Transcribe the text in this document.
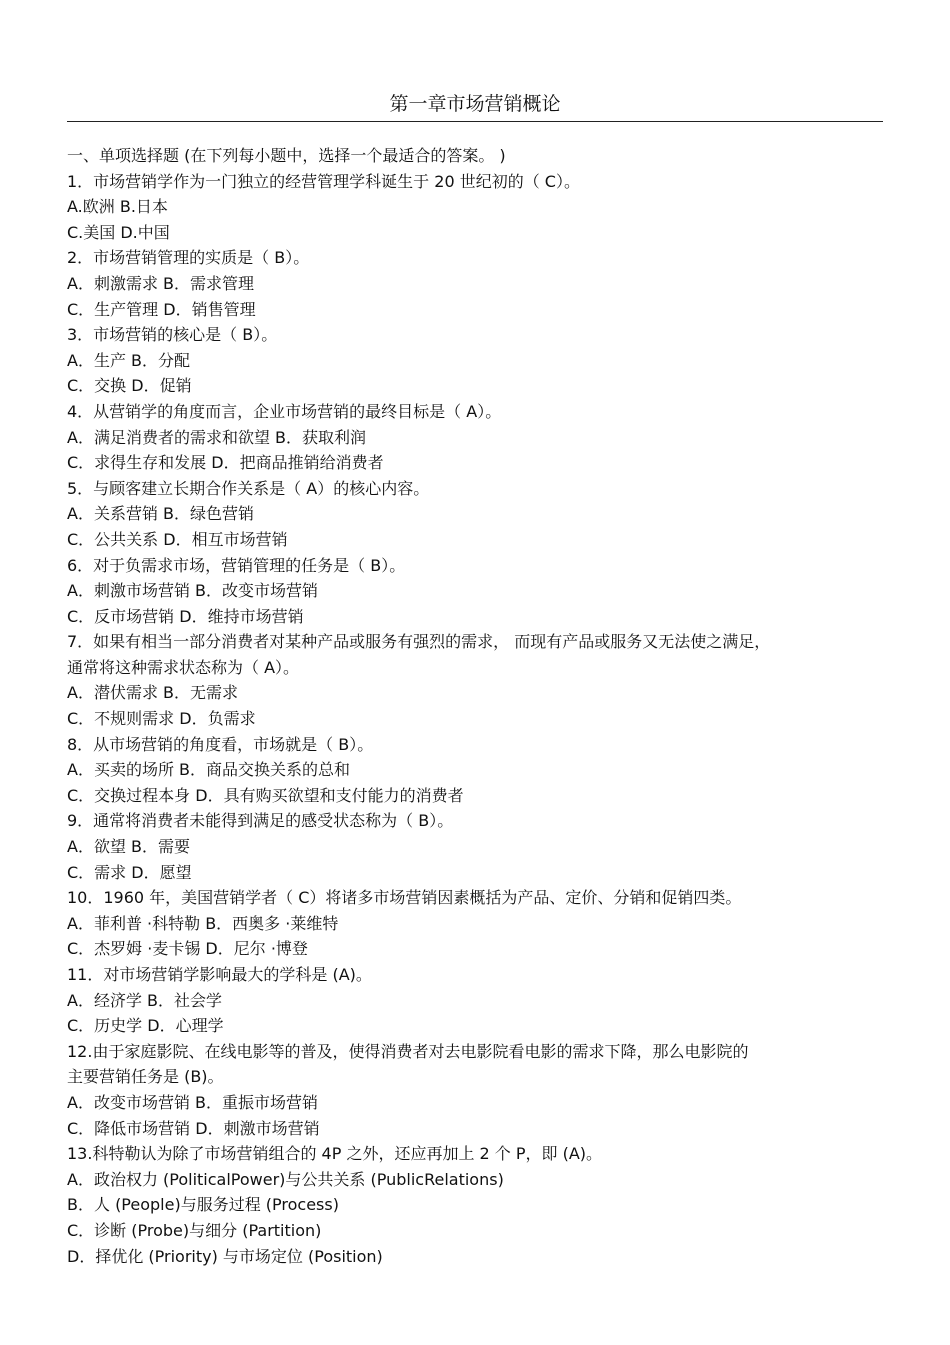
第一章市场营销概论
一、单项选择题 (在下列每小题中，选择一个最适合的答案。 )
1．市场营销学作为一门独立的经营管理学科诞生于 20 世纪初的（ C）。
A.欧洲 B.日本
C.美国 D.中国
2．市场营销管理的实质是（ B）。
A．刺激需求 B．需求管理
C．生产管理 D．销售管理
3．市场营销的核心是（ B）。
A．生产 B．分配
C．交换 D．促销
4．从营销学的角度而言，企业市场营销的最终目标是（ A）。
A．满足消费者的需求和欲望 B．获取利润
C．求得生存和发展 D．把商品推销给消费者
5．与顾客建立长期合作关系是（ A）的核心内容。
A．关系营销 B．绿色营销
C．公共关系 D．相互市场营销
6．对于负需求市场，营销管理的任务是（ B）。
A．刺激市场营销 B．改变市场营销
C．反市场营销 D．维持市场营销
7．如果有相当一部分消费者对某种产品或服务有强烈的需求， 而现有产品或服务又无法使之满足，
通常将这种需求状态称为（ A）。
A．潜伏需求 B．无需求
C．不规则需求 D．负需求
8．从市场营销的角度看，市场就是（ B）。
A．买卖的场所 B．商品交换关系的总和
C．交换过程本身 D．具有购买欲望和支付能力的消费者
9．通常将消费者未能得到满足的感受状态称为（ B）。
A．欲望 B．需要
C．需求 D．愿望
10．1960 年，美国营销学者（ C）将诸多市场营销因素概括为产品、定价、分销和促销四类。
A．菲利普 ·科特勒 B．西奥多 ·莱维特
C．杰罗姆 ·麦卡锡 D．尼尔 ·博登
11．对市场营销学影响最大的学科是 (A)。
A．经济学 B．社会学
C．历史学 D．心理学
12.由于家庭影院、在线电影等的普及，使得消费者对去电影院看电影的需求下降，那么电影院的
主要营销任务是 (B)。
A．改变市场营销 B．重振市场营销
C．降低市场营销 D．刺激市场营销
13.科特勒认为除了市场营销组合的 4P 之外，还应再加上 2 个 P，即 (A)。
A．政治权力 (PoliticalPower)与公共关系 (PublicRelations)
B．人 (People)与服务过程 (Process)
C．诊断 (Probe)与细分 (Partition)
D．择优化 (Priority) 与市场定位 (Position)
